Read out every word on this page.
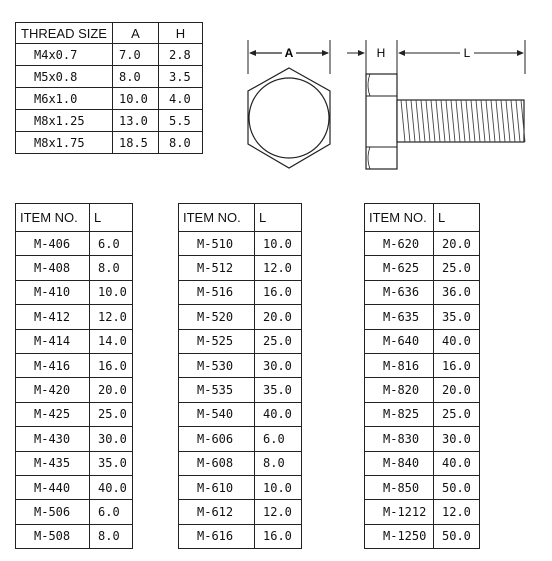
THREAD SIZE	A	H
M4x0.7	7.0	2.8
M5x0.8	8.0	3.5
M6x1.0	10.0	4.0
M8x1.25	13.0	5.5
M8x1.75	18.5	8.0
A	H	L
ITEM NO.	L
M-406	6.0
M-408	8.0
M-410	10.0
M-412	12.0
M-414	14.0
M-416	16.0
M-420	20.0
M-425	25.0
M-430	30.0
M-435	35.0
M-440	40.0
M-506	6.0
M-508	8.0
ITEM NO.	L
M-510	10.0
M-512	12.0
M-516	16.0
M-520	20.0
M-525	25.0
M-530	30.0
M-535	35.0
M-540	40.0
M-606	6.0
M-608	8.0
M-610	10.0
M-612	12.0
M-616	16.0
ITEM NO.	L
M-620	20.0
M-625	25.0
M-636	36.0
M-635	35.0
M-640	40.0
M-816	16.0
M-820	20.0
M-825	25.0
M-830	30.0
M-840	40.0
M-850	50.0
M-1212	12.0
M-1250	50.0
